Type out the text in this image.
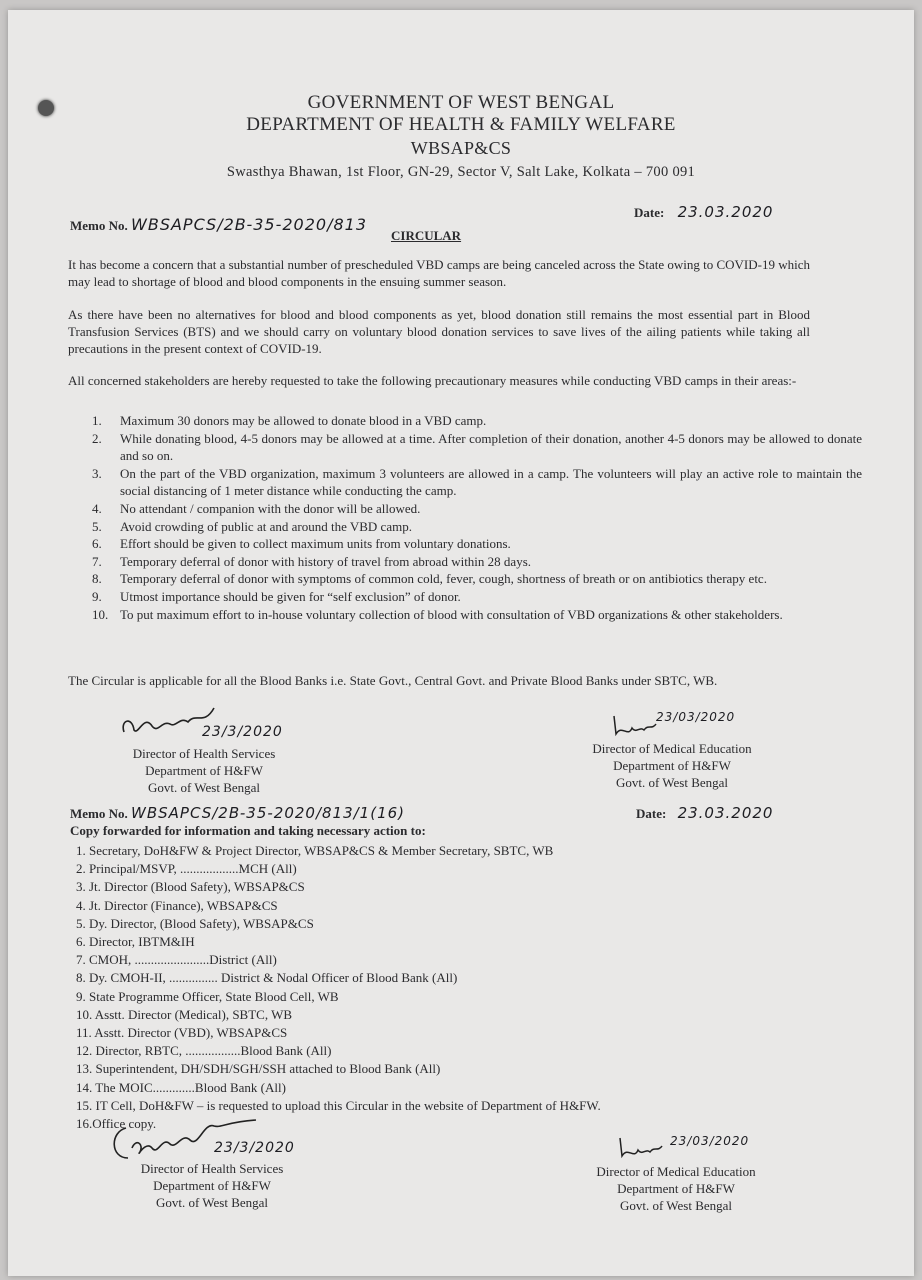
GOVERNMENT OF WEST BENGAL
DEPARTMENT OF HEALTH & FAMILY WELFARE
WBSAP&CS
Swasthya Bhawan, 1st Floor, GN-29, Sector V, Salt Lake, Kolkata – 700 091
Memo No. WBSAPCS/2B-35-2020/813
Date: 23.03.2020
CIRCULAR
It has become a concern that a substantial number of prescheduled VBD camps are being canceled across the State owing to COVID-19 which may lead to shortage of blood and blood components in the ensuing summer season.
As there have been no alternatives for blood and blood components as yet, blood donation still remains the most essential part in Blood Transfusion Services (BTS) and we should carry on voluntary blood donation services to save lives of the ailing patients while taking all precautions in the present context of COVID-19.
All concerned stakeholders are hereby requested to take the following precautionary measures while conducting VBD camps in their areas:-
1. Maximum 30 donors may be allowed to donate blood in a VBD camp.
2. While donating blood, 4-5 donors may be allowed at a time. After completion of their donation, another 4-5 donors may be allowed to donate and so on.
3. On the part of the VBD organization, maximum 3 volunteers are allowed in a camp. The volunteers will play an active role to maintain the social distancing of 1 meter distance while conducting the camp.
4. No attendant / companion with the donor will be allowed.
5. Avoid crowding of public at and around the VBD camp.
6. Effort should be given to collect maximum units from voluntary donations.
7. Temporary deferral of donor with history of travel from abroad within 28 days.
8. Temporary deferral of donor with symptoms of common cold, fever, cough, shortness of breath or on antibiotics therapy etc.
9. Utmost importance should be given for “self exclusion” of donor.
10. To put maximum effort to in-house voluntary collection of blood with consultation of VBD organizations & other stakeholders.
The Circular is applicable for all the Blood Banks i.e. State Govt., Central Govt. and Private Blood Banks under SBTC, WB.
23/3/2020
Director of Health Services
Department of H&FW
Govt. of West Bengal
23/03/2020
Director of Medical Education
Department of H&FW
Govt. of West Bengal
Memo No. WBSAPCS/2B-35-2020/813/1(16)	Date: 23.03.2020
Copy forwarded for information and taking necessary action to:
1. Secretary, DoH&FW & Project Director, WBSAP&CS & Member Secretary, SBTC, WB
2. Principal/MSVP, ..................MCH (All)
3. Jt. Director (Blood Safety), WBSAP&CS
4. Jt. Director (Finance), WBSAP&CS
5. Dy. Director, (Blood Safety), WBSAP&CS
6. Director, IBTM&IH
7. CMOH, .......................District (All)
8. Dy. CMOH-II, ............... District & Nodal Officer of Blood Bank (All)
9. State Programme Officer, State Blood Cell, WB
10. Asstt. Director (Medical), SBTC, WB
11. Asstt. Director (VBD), WBSAP&CS
12. Director, RBTC, .................Blood Bank (All)
13. Superintendent, DH/SDH/SGH/SSH attached to Blood Bank (All)
14. The MOIC.............Blood Bank (All)
15. IT Cell, DoH&FW – is requested to upload this Circular in the website of Department of H&FW.
16.Office copy.
23/3/2020
Director of Health Services
Department of H&FW
Govt. of West Bengal
23/03/2020
Director of Medical Education
Department of H&FW
Govt. of West Bengal
